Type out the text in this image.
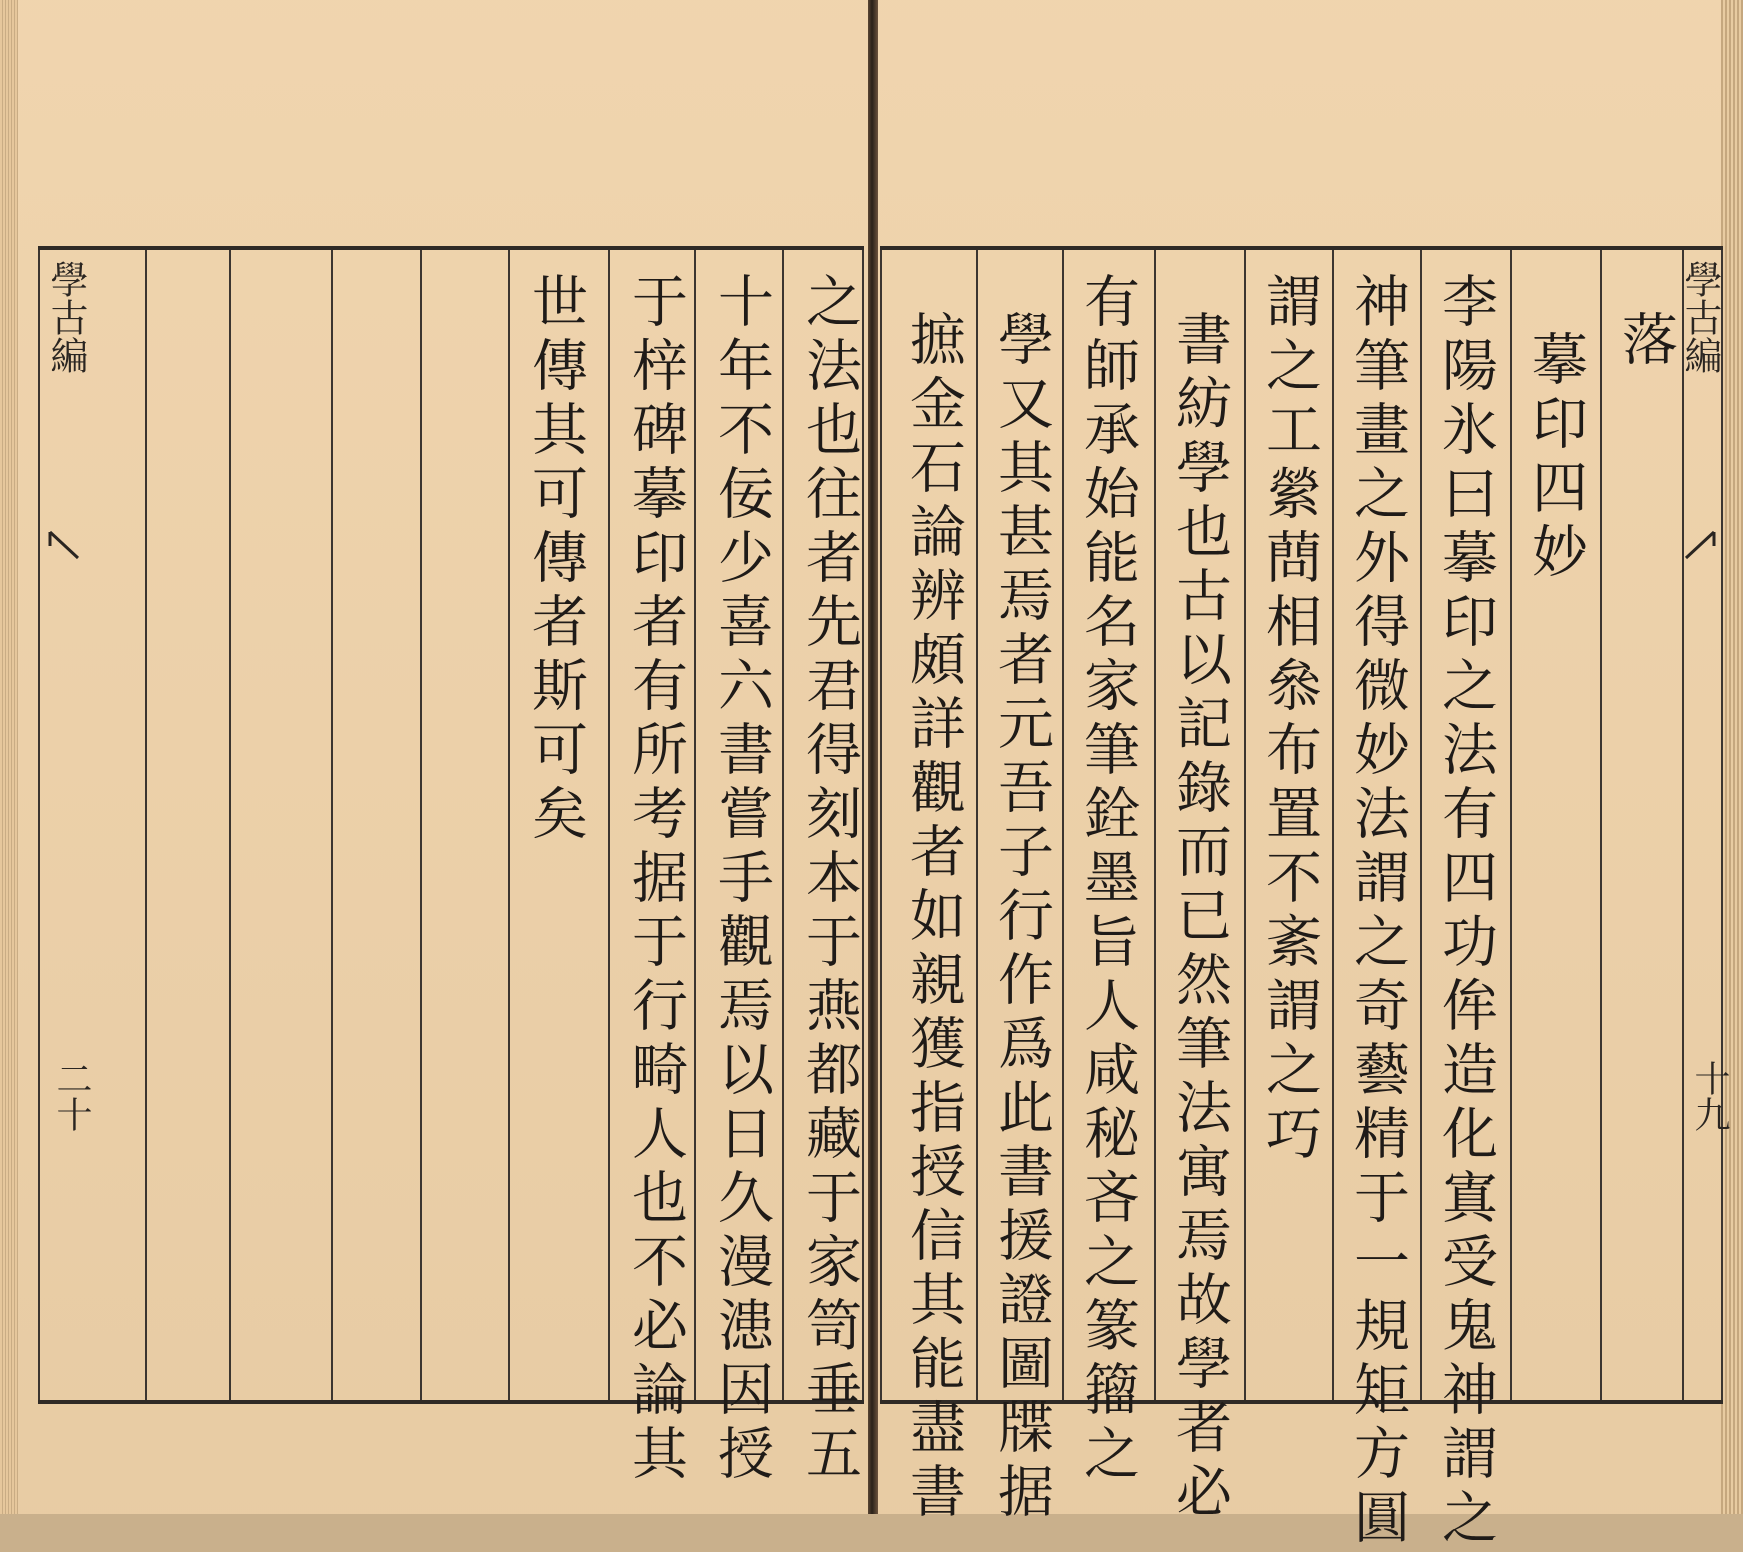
之法也往者先君得刻本于燕都藏于家笥垂五
十年不佞少喜六書嘗手觀焉以日久漫漶因授
于梓碑摹印者有所考据于行畸人也不必論其
世傳其可傳者斯可矣
學古編
二十
落
摹印四妙
李陽氷曰摹印之法有四功侔造化寘受鬼神謂之
神筆畫之外得微妙法謂之奇藝精于一規矩方圓
謂之工縈蔄相叅布置不紊謂之巧
書紡學也古以記錄而已然筆法寓焉故學者必
有師承始能名家筆銓墨旨人咸秘吝之篆籀之
學又其甚焉者元吾子行作爲此書援證圖牒据
摭金石論辨頗詳觀者如親獲指授信其能盡書	學古編
十九
